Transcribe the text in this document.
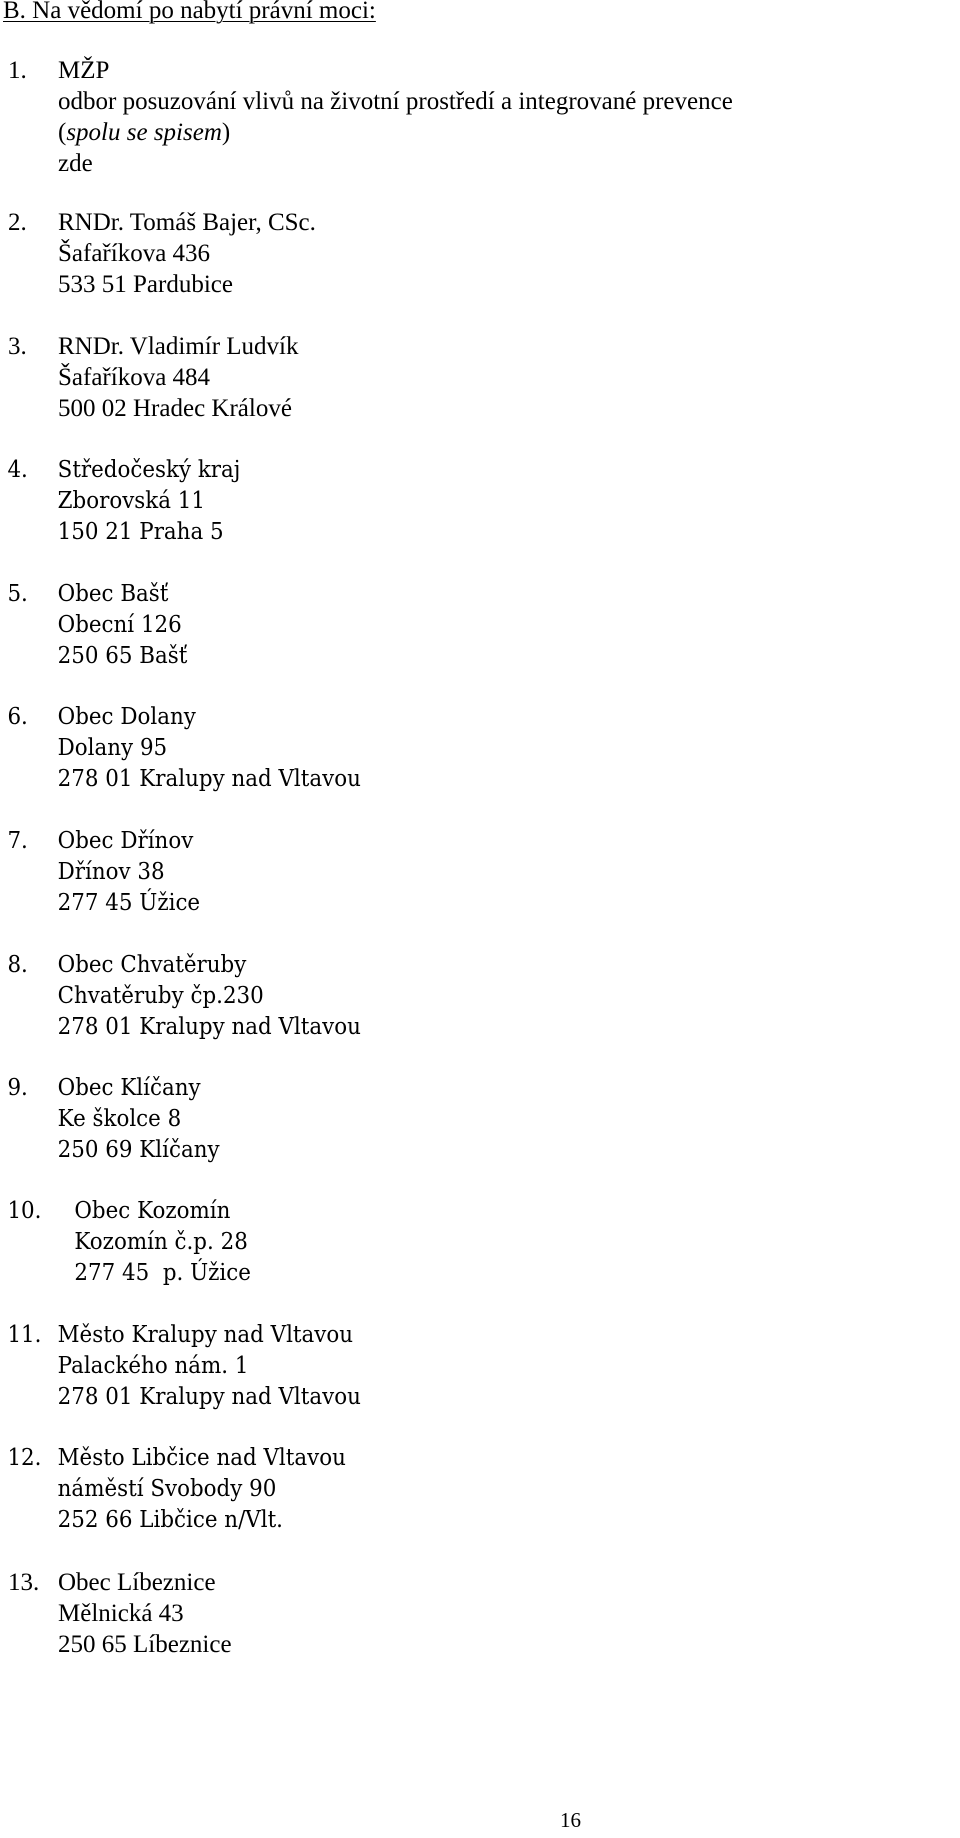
B. Na vědomí po nabytí právní moci:
1. MŽP
odbor posuzování vlivů na životní prostředí a integrované prevence
(spolu se spisem)
zde
2. RNDr. Tomáš Bajer, CSc.
Šafaříkova 436
533 51 Pardubice
3. RNDr. Vladimír Ludvík
Šafaříkova 484
500 02 Hradec Králové
4. Středočeský kraj
Zborovská 11
150 21 Praha 5
5. Obec Bašť
Obecní 126
250 65 Bašť
6. Obec Dolany
Dolany 95
278 01 Kralupy nad Vltavou
7. Obec Dřínov
Dřínov 38
277 45 Úžice
8. Obec Chvatěruby
Chvatěruby čp.230
278 01 Kralupy nad Vltavou
9. Obec Klíčany
Ke školce 8
250 69 Klíčany
10. Obec Kozomín
Kozomín č.p. 28
277 45  p. Úžice
11. Město Kralupy nad Vltavou
Palackého nám. 1
278 01 Kralupy nad Vltavou
12. Město Libčice nad Vltavou
náměstí Svobody 90
252 66 Libčice n/Vlt.
13. Obec Líbeznice
Mělnická 43
250 65 Líbeznice
16
